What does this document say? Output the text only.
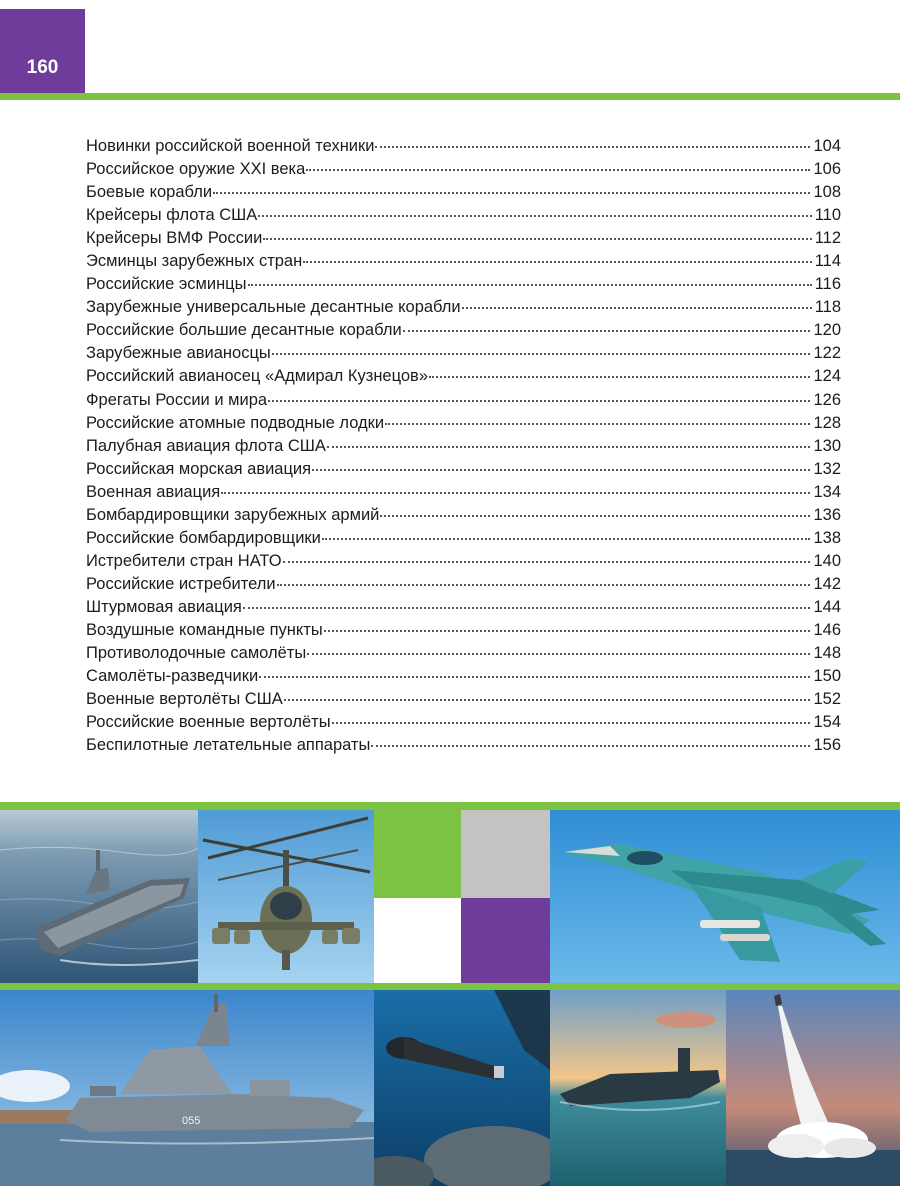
160
Новинки российской военной техники	104
Российское оружие XXI века	106
Боевые корабли	108
Крейсеры флота США	110
Крейсеры ВМФ России	112
Эсминцы зарубежных стран	114
Российские эсминцы	116
Зарубежные универсальные десантные корабли	118
Российские большие десантные корабли	120
Зарубежные авианосцы	122
Российский авианосец «Адмирал Кузнецов»	124
Фрегаты России и мира	126
Российские атомные подводные лодки	128
Палубная авиация флота США	130
Российская морская авиация	132
Военная авиация	134
Бомбардировщики зарубежных армий	136
Российские бомбардировщики	138
Истребители стран НАТО	140
Российские истребители	142
Штурмовая авиация	144
Воздушные командные пункты	146
Противолодочные самолёты	148
Самолёты-разведчики	150
Военные вертолёты США	152
Российские военные вертолёты	154
Беспилотные летательные аппараты	156
055
